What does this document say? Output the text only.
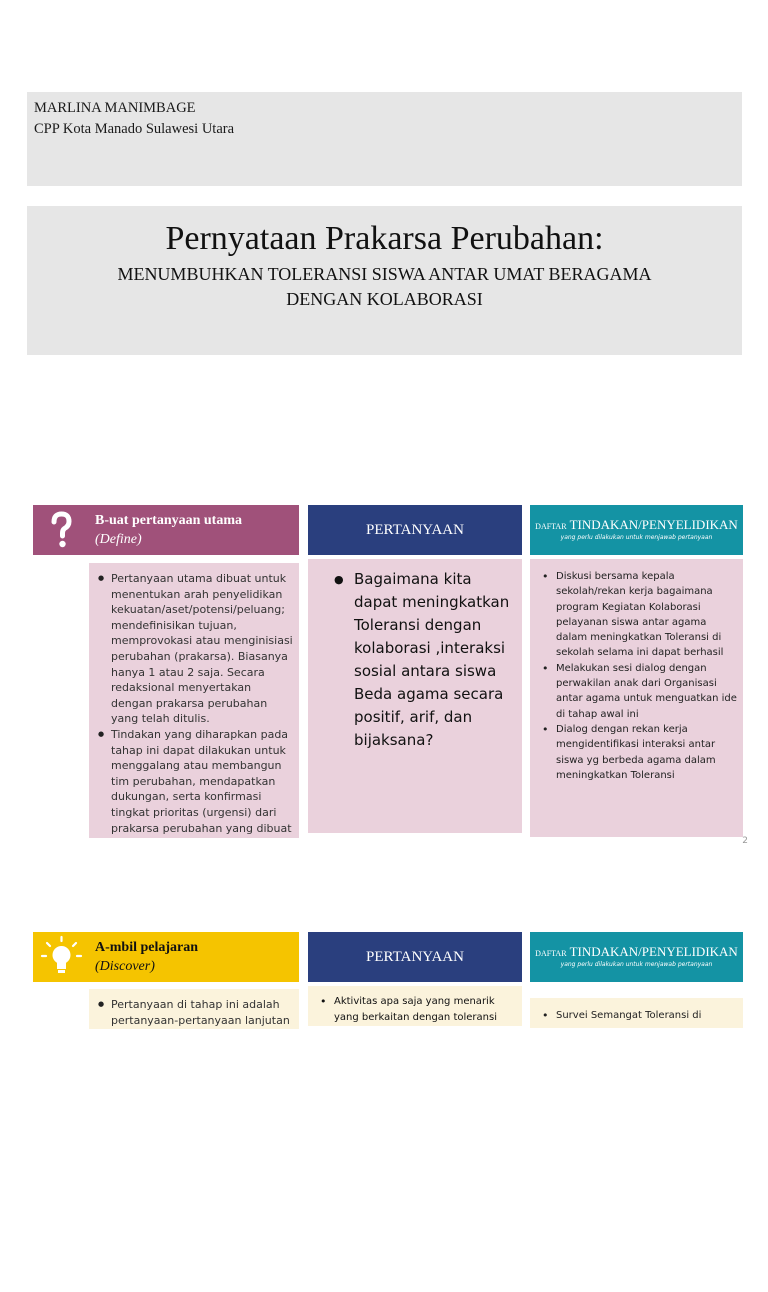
MARLINA MANIMBAGE
CPP Kota Manado Sulawesi Utara
Pernyataan Prakarsa Perubahan:
MENUMBUHKAN TOLERANSI SISWA ANTAR UMAT BERAGAMA
DENGAN KOLABORASI
B-uat pertanyaan utama
(Define)
PERTANYAAN	DAFTAR TINDAKAN/PENYELIDIKAN
yang perlu dilakukan untuk menjawab pertanyaan
● Pertanyaan utama dibuat untuk menentukan arah penyelidikan kekuatan/aset/potensi/peluang; mendefinisikan tujuan, memprovokasi atau menginisiasi perubahan (prakarsa). Biasanya hanya 1 atau 2 saja. Secara redaksional menyertakan dengan prakarsa perubahan yang telah ditulis.
● Tindakan yang diharapkan pada tahap ini dapat dilakukan untuk menggalang atau membangun tim perubahan, mendapatkan dukungan, serta konfirmasi tingkat prioritas (urgensi) dari prakarsa perubahan yang dibuat
● Bagaimana kita dapat meningkatkan Toleransi dengan kolaborasi ,interaksi sosial antara siswa Beda agama secara positif, arif, dan bijaksana?
• Diskusi bersama kepala sekolah/rekan kerja bagaimana program Kegiatan Kolaborasi pelayanan siswa antar agama dalam meningkatkan Toleransi di sekolah selama ini dapat berhasil
• Melakukan sesi dialog dengan perwakilan anak dari Organisasi antar agama untuk menguatkan ide di tahap awal ini
• Dialog dengan rekan kerja mengidentifikasi interaksi antar siswa yg berbeda agama dalam meningkatkan Toleransi
2
A-mbil pelajaran
(Discover)
PERTANYAAN	DAFTAR TINDAKAN/PENYELIDIKAN
yang perlu dilakukan untuk menjawab pertanyaan
● Pertanyaan di tahap ini adalah pertanyaan-pertanyaan lanjutan
• Aktivitas apa saja yang menarik yang berkaitan dengan toleransi
•	Survei Semangat Toleransi di
